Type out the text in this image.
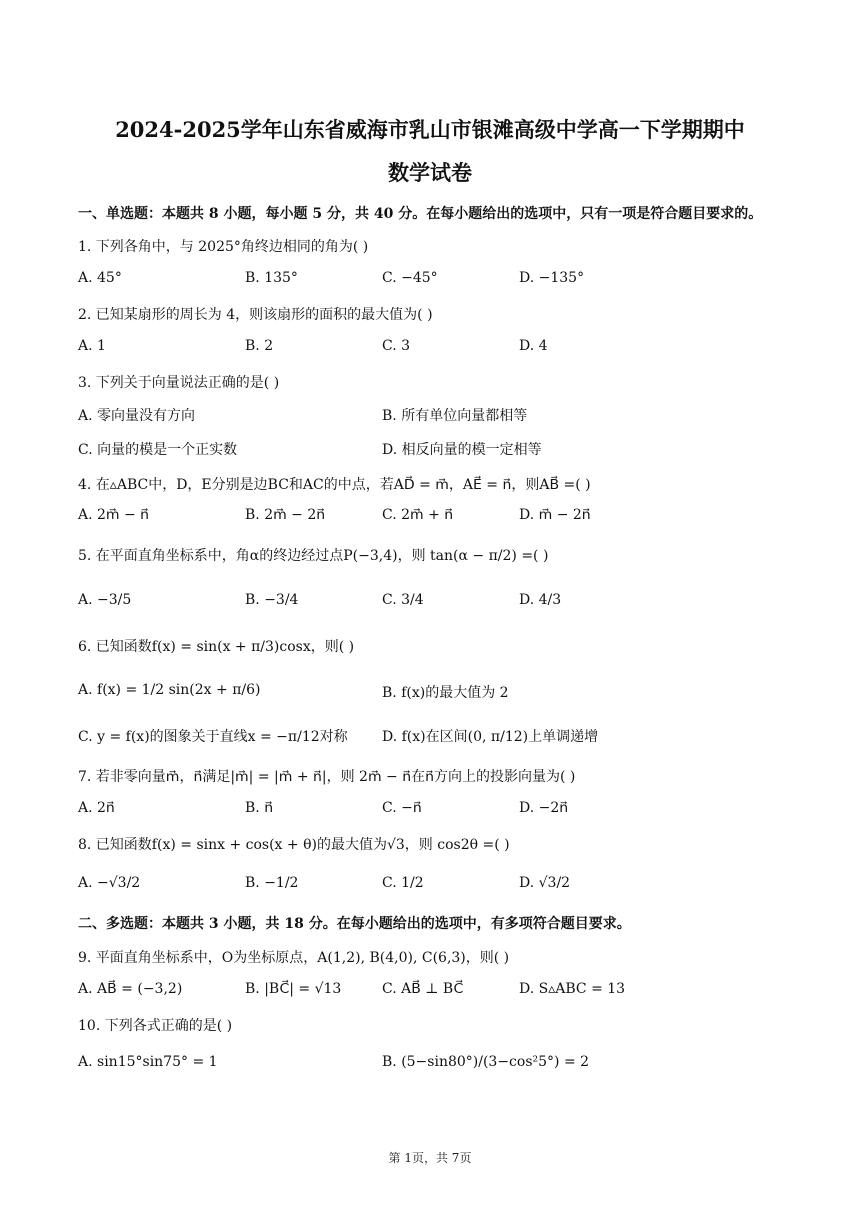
2024-2025学年山东省威海市乳山市银滩高级中学高一下学期期中
数学试卷
一、单选题：本题共 8 小题，每小题 5 分，共 40 分。在每小题给出的选项中，只有一项是符合题目要求的。
1. 下列各角中，与 2025°角终边相同的角为( )
A. 45°	B. 135°	C. −45°	D. −135°
2. 已知某扇形的周长为 4，则该扇形的面积的最大值为( )
A. 1	B. 2	C. 3	D. 4
3. 下列关于向量说法正确的是( )
A. 零向量没有方向	B. 所有单位向量都相等
C. 向量的模是一个正实数	D. 相反向量的模一定相等
4. 在▵ABC中，D，E分别是边BC和AC的中点，若AD⃗ = m⃗，AE⃗ = n⃗，则AB⃗ =( )
A. 2m⃗ − n⃗	B. 2m⃗ − 2n⃗	C. 2m⃗ + n⃗	D. m⃗ − 2n⃗
5. 在平面直角坐标系中，角α的终边经过点P(−3,4)，则 tan(α − π/2) =( )
A. −3/5	B. −3/4	C. 3/4	D. 4/3
6. 已知函数f(x) = sin(x + π/3)cosx，则( )
A. f(x) = 1/2 sin(2x + π/6)	B. f(x)的最大值为 2
C. y = f(x)的图象关于直线x = −π/12对称 D. f(x)在区间(0, π/12)上单调递增
7. 若非零向量m⃗，n⃗满足|m⃗| = |m⃗ + n⃗|，则 2m⃗ − n⃗在n⃗方向上的投影向量为( )
A. 2n⃗	B. n⃗	C. −n⃗	D. −2n⃗
8. 已知函数f(x) = sinx + cos(x + θ)的最大值为√3，则 cos2θ =( )
A. −√3/2	B. −1/2	C. 1/2	D. √3/2
二、多选题：本题共 3 小题，共 18 分。在每小题给出的选项中，有多项符合题目要求。
9. 平面直角坐标系中，O为坐标原点，A(1,2), B(4,0), C(6,3)，则( )
A. AB⃗ = (−3,2)	B. |BC⃗| = √13	C. AB⃗ ⊥ BC⃗	D. S▵ABC = 13
10. 下列各式正确的是( )
A. sin15°sin75° = 1	B. (5−sin80°)/(3−cos²5°) = 2
第 1页，共 7页
